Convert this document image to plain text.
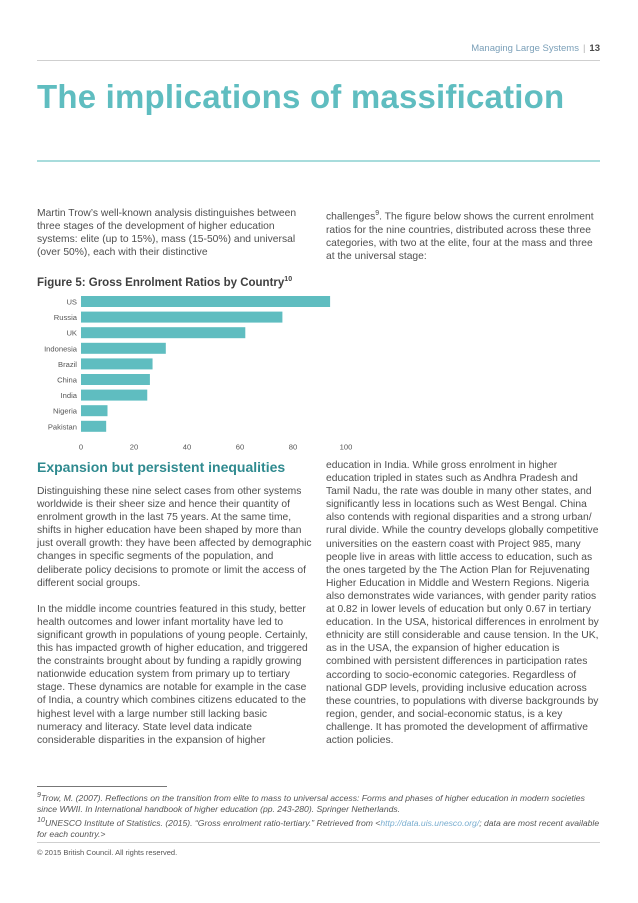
Managing Large Systems | 13
The implications of massification

Martin Trow’s well-known analysis distinguishes between three stages of the development of higher education systems: elite (up to 15%), mass (15-50%) and universal (over 50%), each with their distinctive

challenges$^9$. The figure below shows the current enrolment ratios for the nine countries, distributed across these three categories, with two at the elite, four at the mass and three at the universal stage:

Figure 5: Gross Enrolment Ratios by Country$^{10}$
US
Russia
UK
Indonesia
Brazil
China
India
Nigeria
Pakistan
0	20	40	60	80	100
Expansion but persistent inequalities

Distinguishing these nine select cases from other systems worldwide is their sheer size and hence their quantity of enrolment growth in the last 75 years. At the same time, shifts in higher education have been shaped by more than just overall growth: they have been affected by demographic changes in specific segments of the population, and deliberate policy decisions to promote or limit the access of different social groups.

In the middle income countries featured in this study, better health outcomes and lower infant mortality have led to significant growth in populations of young people. Certainly, this has impacted growth of higher education, and triggered the constraints brought about by funding a rapidly growing nationwide education system from primary up to tertiary stage. These dynamics are notable for example in the case of India, a country which combines citizens educated to the highest level with a large number still lacking basic numeracy and literacy. State level data indicate considerable disparities in the expansion of higher

education in India. While gross enrolment in higher education tripled in states such as Andhra Pradesh and Tamil Nadu, the rate was double in many other states, and significantly less in locations such as West Bengal. China also contends with regional disparities and a strong urban/ rural divide. While the country develops globally competitive universities on the eastern coast with Project 985, many people live in areas with little access to education, such as the ones targeted by the The Action Plan for Rejuvenating Higher Education in Middle and Western Regions. Nigeria also demonstrates wide variances, with gender parity ratios at 0.82 in lower levels of education but only 0.67 in tertiary education. In the USA, historical differences in enrolment by ethnicity are still considerable and cause tension. In the UK, as in the USA, the expansion of higher education is combined with persistent differences in participation rates according to socio-economic categories. Regardless of national GDP levels, providing inclusive education across these countries, to populations with diverse backgrounds by region, gender, and social-economic status, is a key challenge. It has promoted the development of affirmative action policies.

$^9$Trow, M. (2007). Reflections on the transition from elite to mass to universal access: Forms and phases of higher education in modern societies since WWII. In International handbook of higher education (pp. 243-280). Springer Netherlands.

$^{10}$UNESCO Institute of Statistics. (2015). “Gross enrolment ratio-tertiary.” Retrieved from <http://data.uis.unesco.org/; data are most recent available for each country.>

© 2015 British Council. All rights reserved.
